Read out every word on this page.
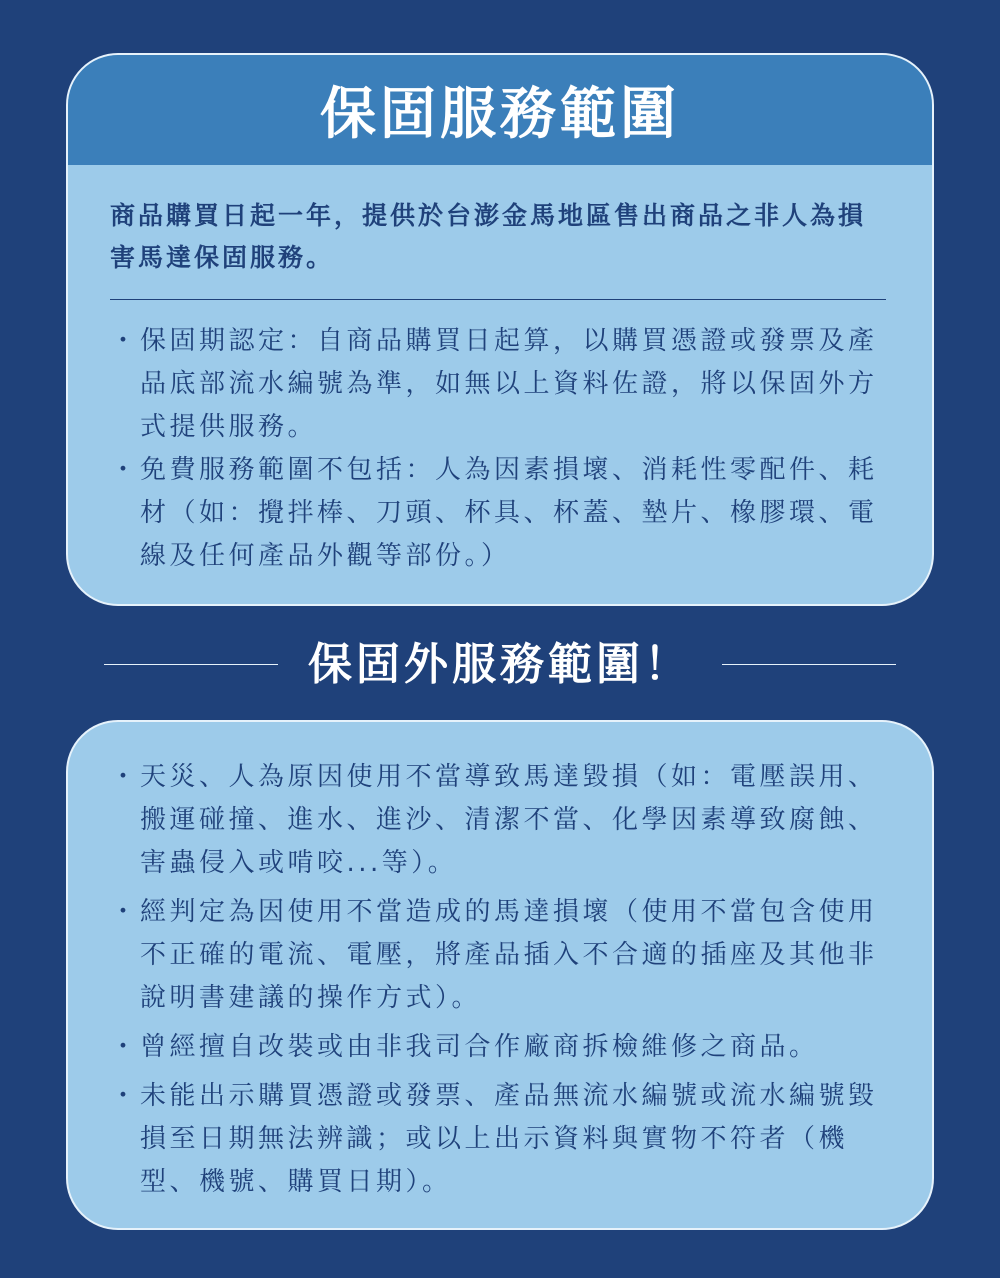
保固服務範圍

商品購買日起一年，提供於台澎金馬地區售出商品之非人為損害馬達保固服務。

・ 保固期認定：自商品購買日起算，以購買憑證或發票及產品底部流水編號為準，如無以上資料佐證，將以保固外方式提供服務。
・ 免費服務範圍不包括：人為因素損壞、消耗性零配件、耗材（如：攪拌棒、刀頭、杯具、杯蓋、墊片、橡膠環、電線及任何產品外觀等部份。）
保固外服務範圍！
・ 天災、人為原因使用不當導致馬達毀損（如：電壓誤用、搬運碰撞、進水、進沙、清潔不當、化學因素導致腐蝕、害蟲侵入或啃咬...等）。
・ 經判定為因使用不當造成的馬達損壞（使用不當包含使用不正確的電流、電壓，將產品插入不合適的插座及其他非說明書建議的操作方式）。
・ 曾經擅自改裝或由非我司合作廠商拆檢維修之商品。
・ 未能出示購買憑證或發票、產品無流水編號或流水編號毀損至日期無法辨識；或以上出示資料與實物不符者（機型、機號、購買日期）。
